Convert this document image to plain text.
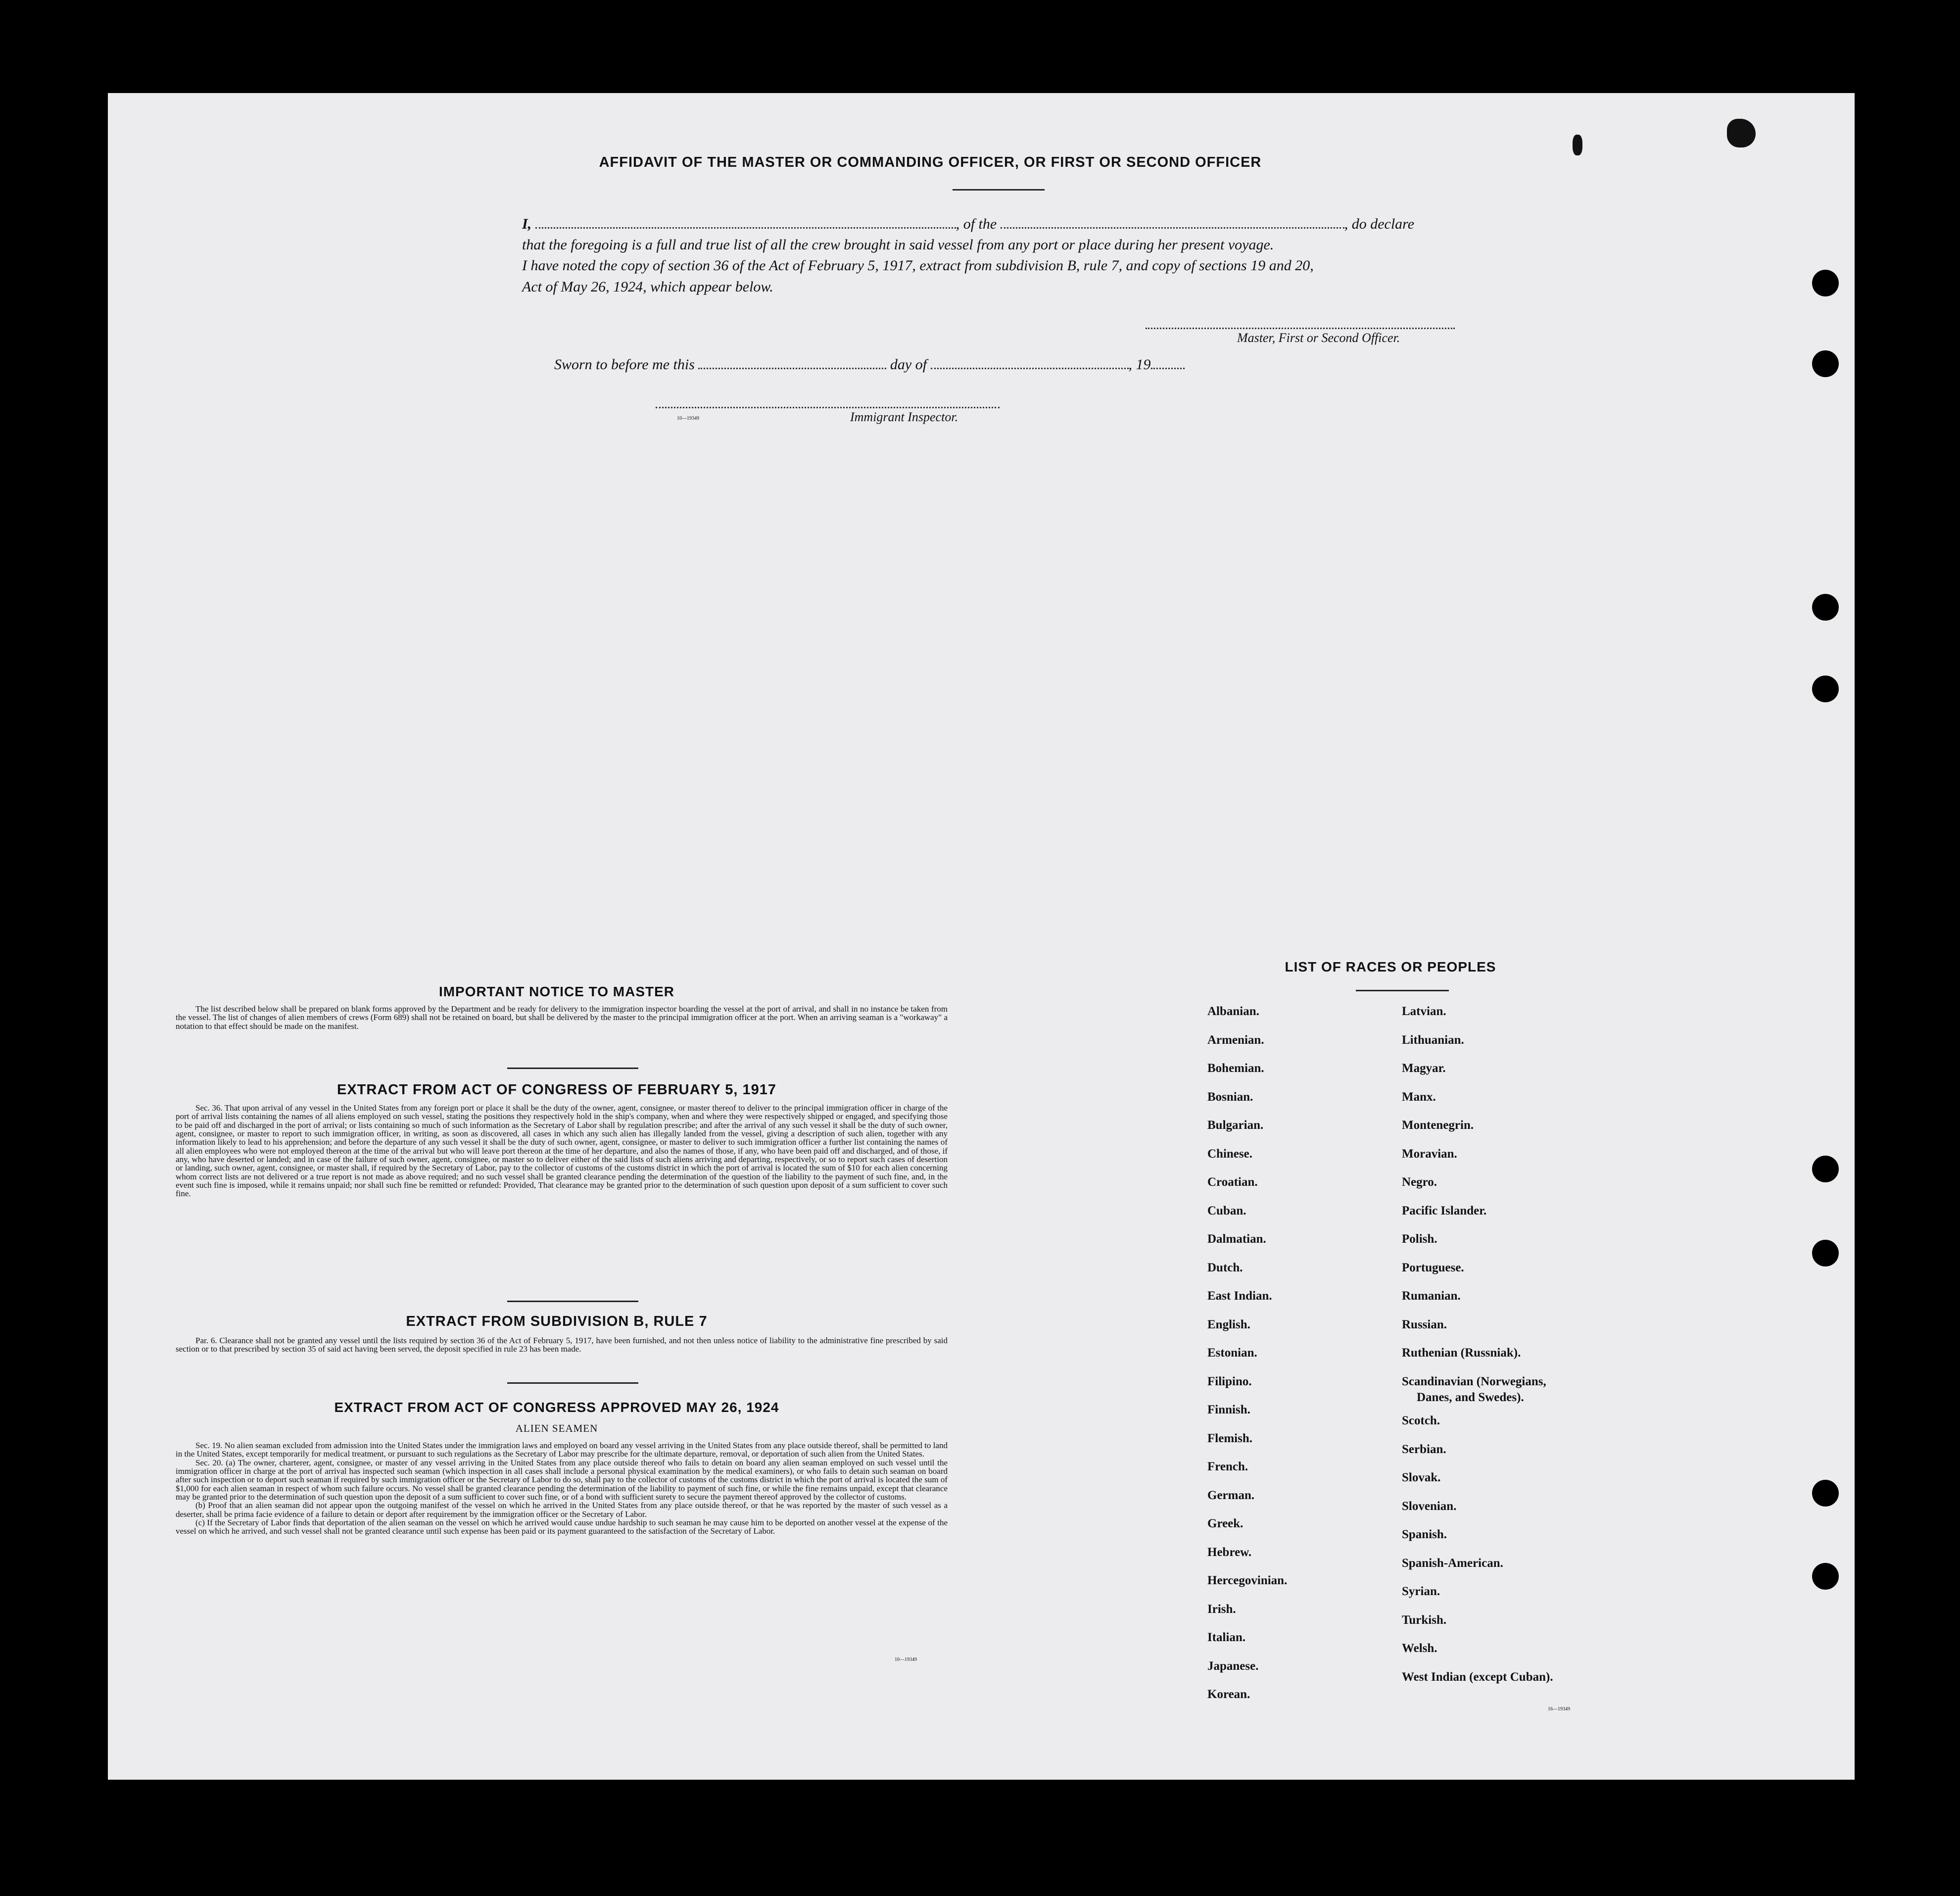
AFFIDAVIT OF THE MASTER OR COMMANDING OFFICER, OR FIRST OR SECOND OFFICER
I,	, of the	, do declare
that the foregoing is a full and true list of all the crew brought in said vessel from any port or place during her present voyage.
I have noted the copy of section 36 of the Act of February 5, 1917, extract from subdivision B, rule 7, and copy of sections 19 and 20,
Act of May 26, 1924, which appear below.
Master, First or Second Officer.
Sworn to before me this	day of	, 19
10—19349	Immigrant Inspector.
IMPORTANT NOTICE TO MASTER

The list described below shall be prepared on blank forms approved by the Department and be ready for delivery to the immigration inspector boarding the vessel at the port of arrival, and shall in no instance be taken from the vessel. The list of changes of alien members of crews (Form 689) shall not be retained on board, but shall be delivered by the master to the principal immigration officer at the port. When an arriving seaman is a "workaway" a notation to that effect should be made on the manifest.

EXTRACT FROM ACT OF CONGRESS OF FEBRUARY 5, 1917

Sec. 36. That upon arrival of any vessel in the United States from any foreign port or place it shall be the duty of the owner, agent, consignee, or master thereof to deliver to the principal immigration officer in charge of the port of arrival lists containing the names of all aliens employed on such vessel, stating the positions they respectively hold in the ship's company, when and where they were respectively shipped or engaged, and specifying those to be paid off and discharged in the port of arrival; or lists containing so much of such information as the Secretary of Labor shall by regulation prescribe; and after the arrival of any such vessel it shall be the duty of such owner, agent, consignee, or master to report to such immigration officer, in writing, as soon as discovered, all cases in which any such alien has illegally landed from the vessel, giving a description of such alien, together with any information likely to lead to his apprehension; and before the departure of any such vessel it shall be the duty of such owner, agent, consignee, or master to deliver to such immigration officer a further list containing the names of all alien employees who were not employed thereon at the time of the arrival but who will leave port thereon at the time of her departure, and also the names of those, if any, who have been paid off and discharged, and of those, if any, who have deserted or landed; and in case of the failure of such owner, agent, consignee, or master so to deliver either of the said lists of such aliens arriving and departing, respectively, or so to report such cases of desertion or landing, such owner, agent, consignee, or master shall, if required by the Secretary of Labor, pay to the collector of customs of the customs district in which the port of arrival is located the sum of $10 for each alien concerning whom correct lists are not delivered or a true report is not made as above required; and no such vessel shall be granted clearance pending the determination of the question of the liability to the payment of such fine, and, in the event such fine is imposed, while it remains unpaid; nor shall such fine be remitted or refunded: Provided, That clearance may be granted prior to the determination of such question upon deposit of a sum sufficient to cover such fine.

EXTRACT FROM SUBDIVISION B, RULE 7

Par. 6. Clearance shall not be granted any vessel until the lists required by section 36 of the Act of February 5, 1917, have been furnished, and not then unless notice of liability to the administrative fine prescribed by said section or to that prescribed by section 35 of said act having been served, the deposit specified in rule 23 has been made.

EXTRACT FROM ACT OF CONGRESS APPROVED MAY 26, 1924
ALIEN SEAMEN

Sec. 19. No alien seaman excluded from admission into the United States under the immigration laws and employed on board any vessel arriving in the United States from any place outside thereof, shall be permitted to land in the United States, except temporarily for medical treatment, or pursuant to such regulations as the Secretary of Labor may prescribe for the ultimate departure, removal, or deportation of such alien from the United States.

Sec. 20. (a) The owner, charterer, agent, consignee, or master of any vessel arriving in the United States from any place outside thereof who fails to detain on board any alien seaman employed on such vessel until the immigration officer in charge at the port of arrival has inspected such seaman (which inspection in all cases shall include a personal physical examination by the medical examiners), or who fails to detain such seaman on board after such inspection or to deport such seaman if required by such immigration officer or the Secretary of Labor to do so, shall pay to the collector of customs of the customs district in which the port of arrival is located the sum of $1,000 for each alien seaman in respect of whom such failure occurs. No vessel shall be granted clearance pending the determination of the liability to payment of such fine, or while the fine remains unpaid, except that clearance may be granted prior to the determination of such question upon the deposit of a sum sufficient to cover such fine, or of a bond with sufficient surety to secure the payment thereof approved by the collector of customs.

(b) Proof that an alien seaman did not appear upon the outgoing manifest of the vessel on which he arrived in the United States from any place outside thereof, or that he was reported by the master of such vessel as a deserter, shall be prima facie evidence of a failure to detain or deport after requirement by the immigration officer or the Secretary of Labor.

(c) If the Secretary of Labor finds that deportation of the alien seaman on the vessel on which he arrived would cause undue hardship to such seaman he may cause him to be deported on another vessel at the expense of the vessel on which he arrived, and such vessel shall not be granted clearance until such expense has been paid or its payment guaranteed to the satisfaction of the Secretary of Labor.

10—19349
LIST OF RACES OR PEOPLES
Albanian.
Armenian.
Bohemian.
Bosnian.
Bulgarian.
Chinese.
Croatian.
Cuban.
Dalmatian.
Dutch.
East Indian.
English.
Estonian.
Filipino.
Finnish.
Flemish.
French.
German.
Greek.
Hebrew.
Hercegovinian.
Irish.
Italian.
Japanese.
Korean.
Latvian.
Lithuanian.
Magyar.
Manx.
Montenegrin.
Moravian.
Negro.
Pacific Islander.
Polish.
Portuguese.
Rumanian.
Russian.
Ruthenian (Russniak).
Scandinavian (Norwegians,
Danes, and Swedes).
Scotch.
Serbian.
Slovak.
Slovenian.
Spanish.
Spanish-American.
Syrian.
Turkish.
Welsh.
West Indian (except Cuban).
16—19349
